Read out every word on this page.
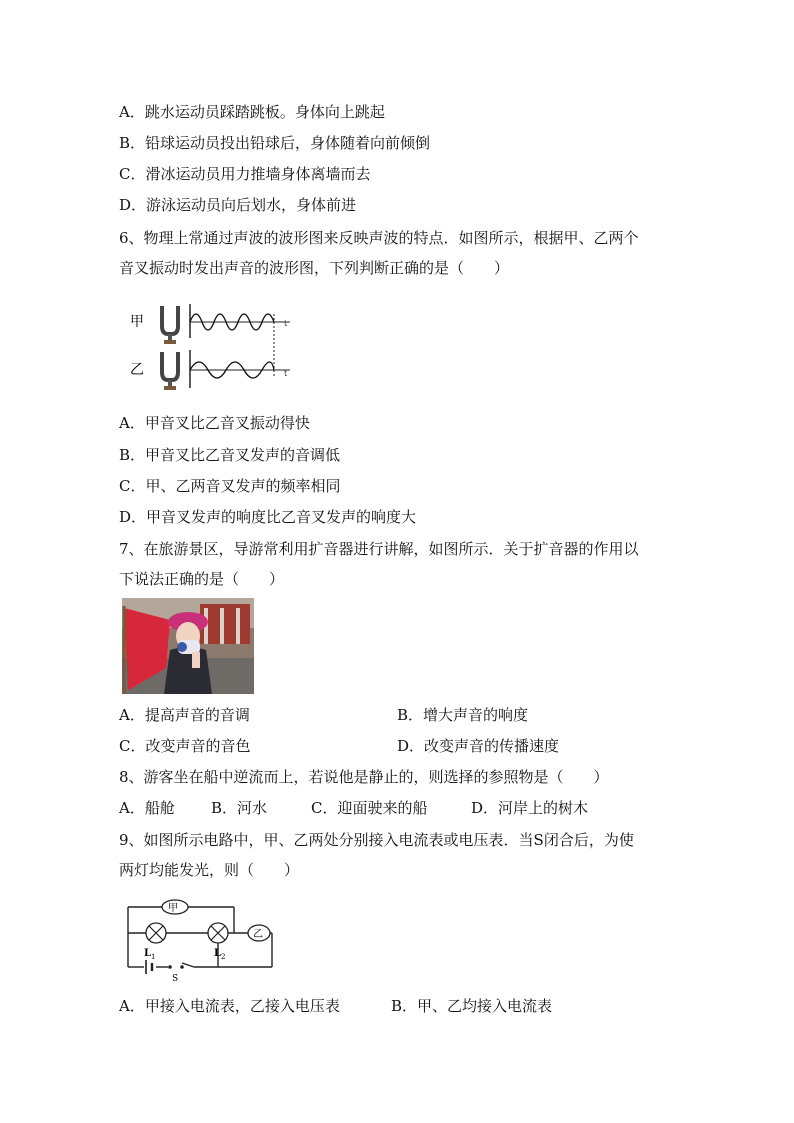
A．跳水运动员踩踏跳板。身体向上跳起
B．铅球运动员投出铅球后，身体随着向前倾倒
C．滑冰运动员用力推墙身体离墙而去
D．游泳运动员向后划水，身体前进
6、物理上常通过声波的波形图来反映声波的特点．如图所示，根据甲、乙两个
音叉振动时发出声音的波形图，下列判断正确的是（　　）
甲
乙
t
t
A．甲音叉比乙音叉振动得快
B．甲音叉比乙音叉发声的音调低
C．甲、乙两音叉发声的频率相同
D．甲音叉发声的响度比乙音叉发声的响度大
7、在旅游景区，导游常利用扩音器进行讲解，如图所示．关于扩音器的作用以
下说法正确的是（　　）
A．提高声音的音调	B．增大声音的响度
C．改变声音的音色	D．改变声音的传播速度
8、游客坐在船中逆流而上，若说他是静止的，则选择的参照物是（　　）
A．船舱 B．河水	C．迎面驶来的船	D．河岸上的树木
9、如图所示电路中，甲、乙两处分别接入电流表或电压表．当S闭合后，为使
两灯均能发光，则（　　）
甲
L 1	L 2
乙
S
A．甲接入电流表，乙接入电压表	B．甲、乙均接入电流表
